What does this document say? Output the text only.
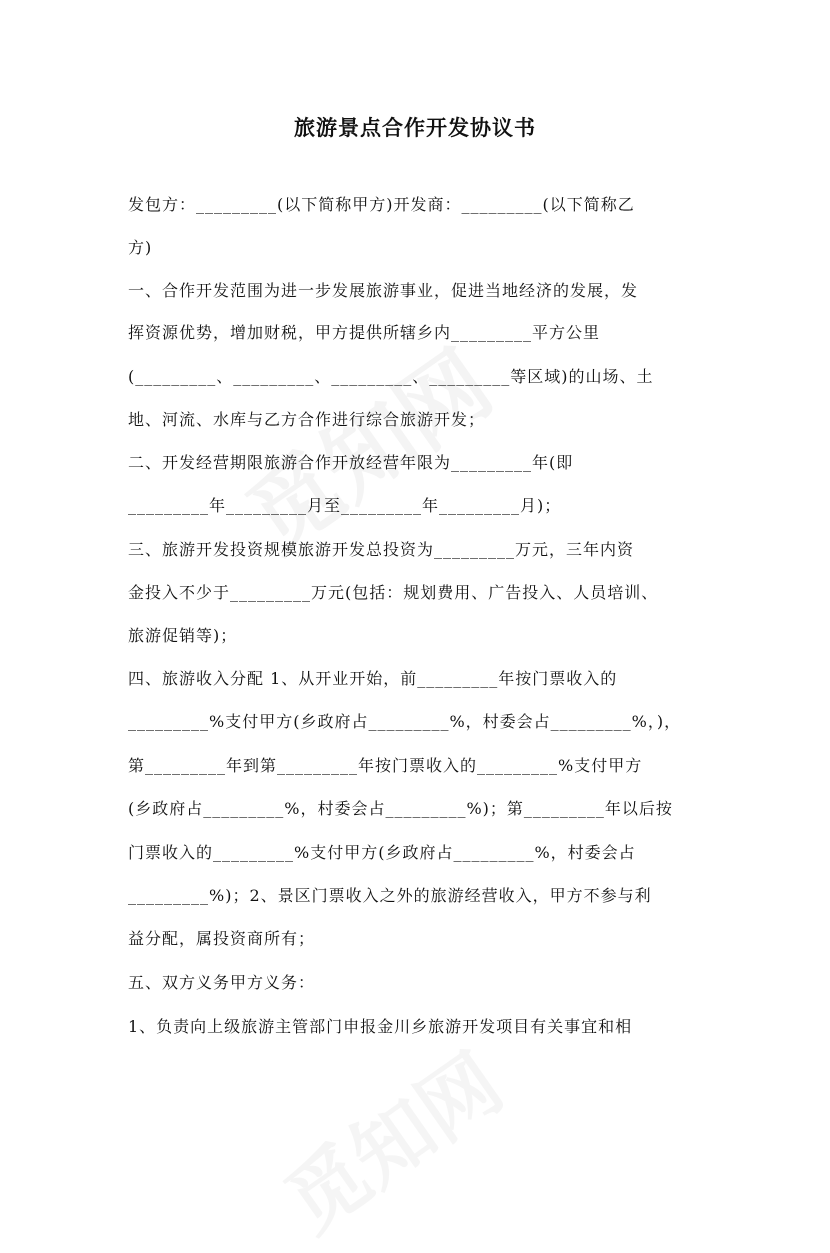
旅游景点合作开发协议书

发包方：_________(以下简称甲方)开发商：_________(以下简称乙

方)

一、合作开发范围为进一步发展旅游事业，促进当地经济的发展，发

挥资源优势，增加财税，甲方提供所辖乡内_________平方公里

(_________、_________、_________、_________等区域)的山场、土

地、河流、水库与乙方合作进行综合旅游开发；

二、开发经营期限旅游合作开放经营年限为_________年(即

_________年_________月至_________年_________月)；

三、旅游开发投资规模旅游开发总投资为_________万元，三年内资

金投入不少于_________万元(包括：规划费用、广告投入、人员培训、

旅游促销等)；

四、旅游收入分配 1、从开业开始，前_________年按门票收入的

_________%支付甲方(乡政府占_________%，村委会占_________%，)，

第_________年到第_________年按门票收入的_________%支付甲方

(乡政府占_________%，村委会占_________%)；第_________年以后按

门票收入的_________%支付甲方(乡政府占_________%，村委会占

_________%)；2、景区门票收入之外的旅游经营收入，甲方不参与利

益分配，属投资商所有；

五、双方义务甲方义务：

1、负责向上级旅游主管部门申报金川乡旅游开发项目有关事宜和相
